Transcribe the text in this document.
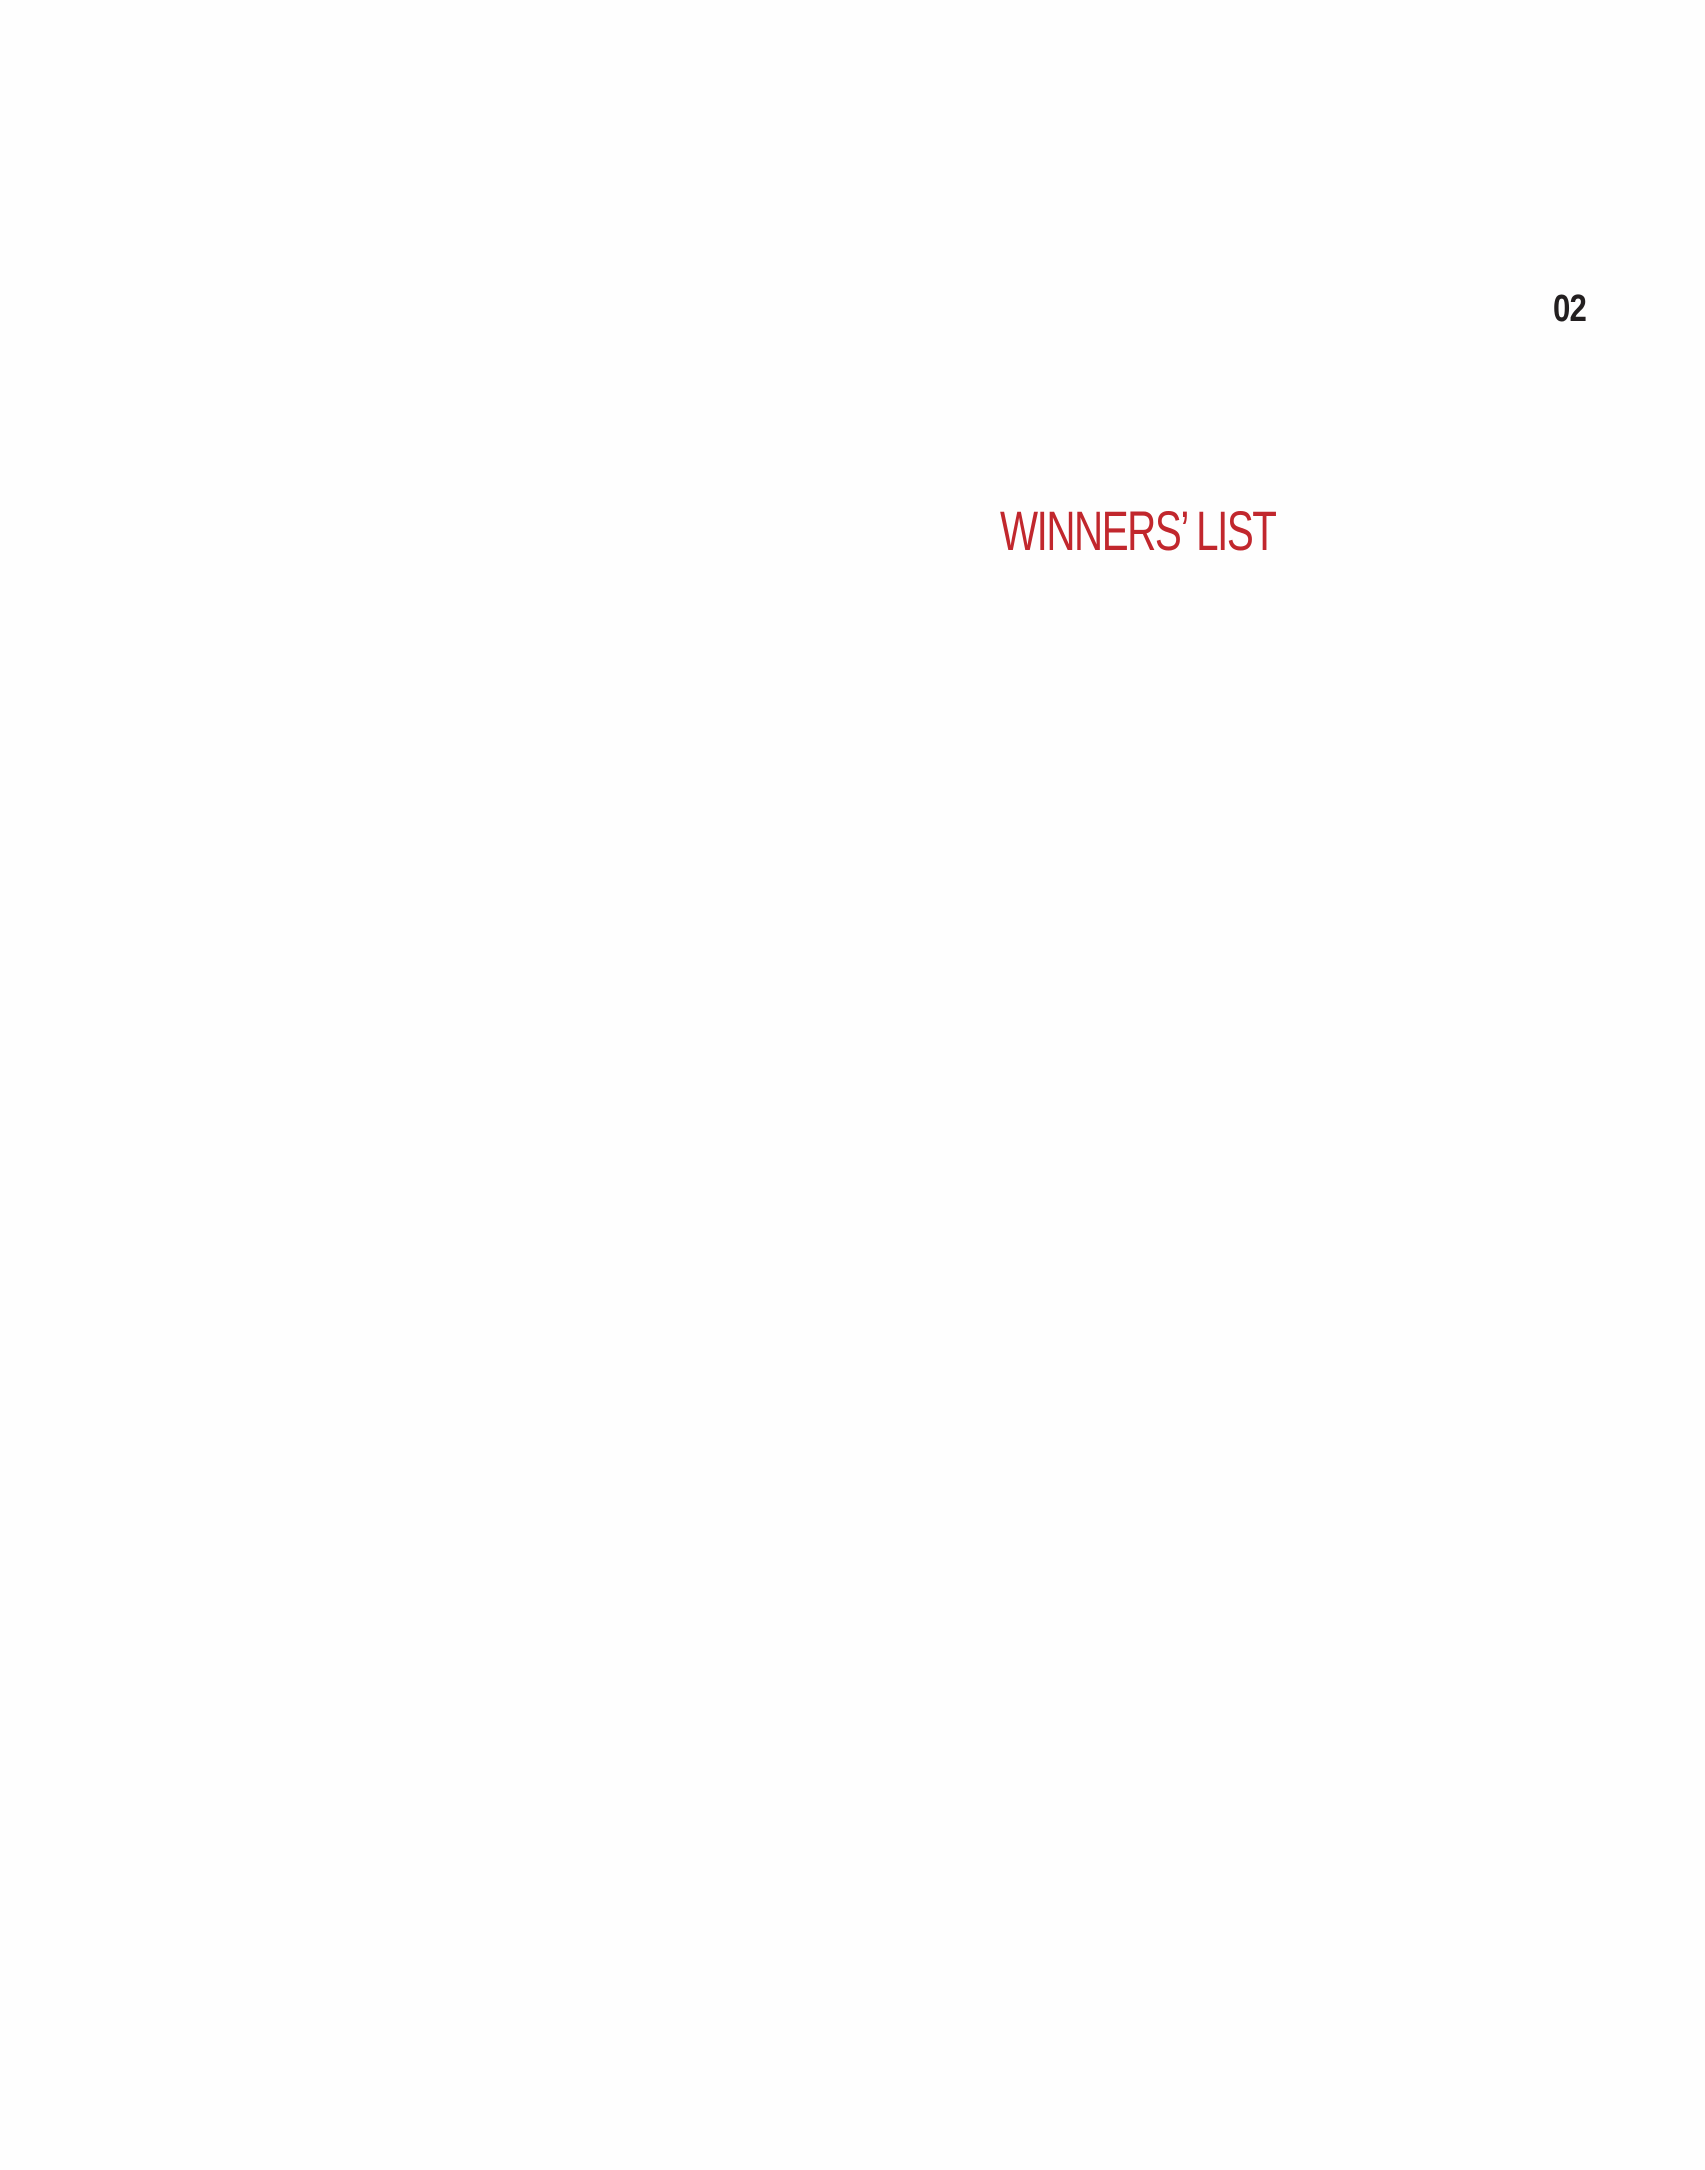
02
WINNERS’ LIST
